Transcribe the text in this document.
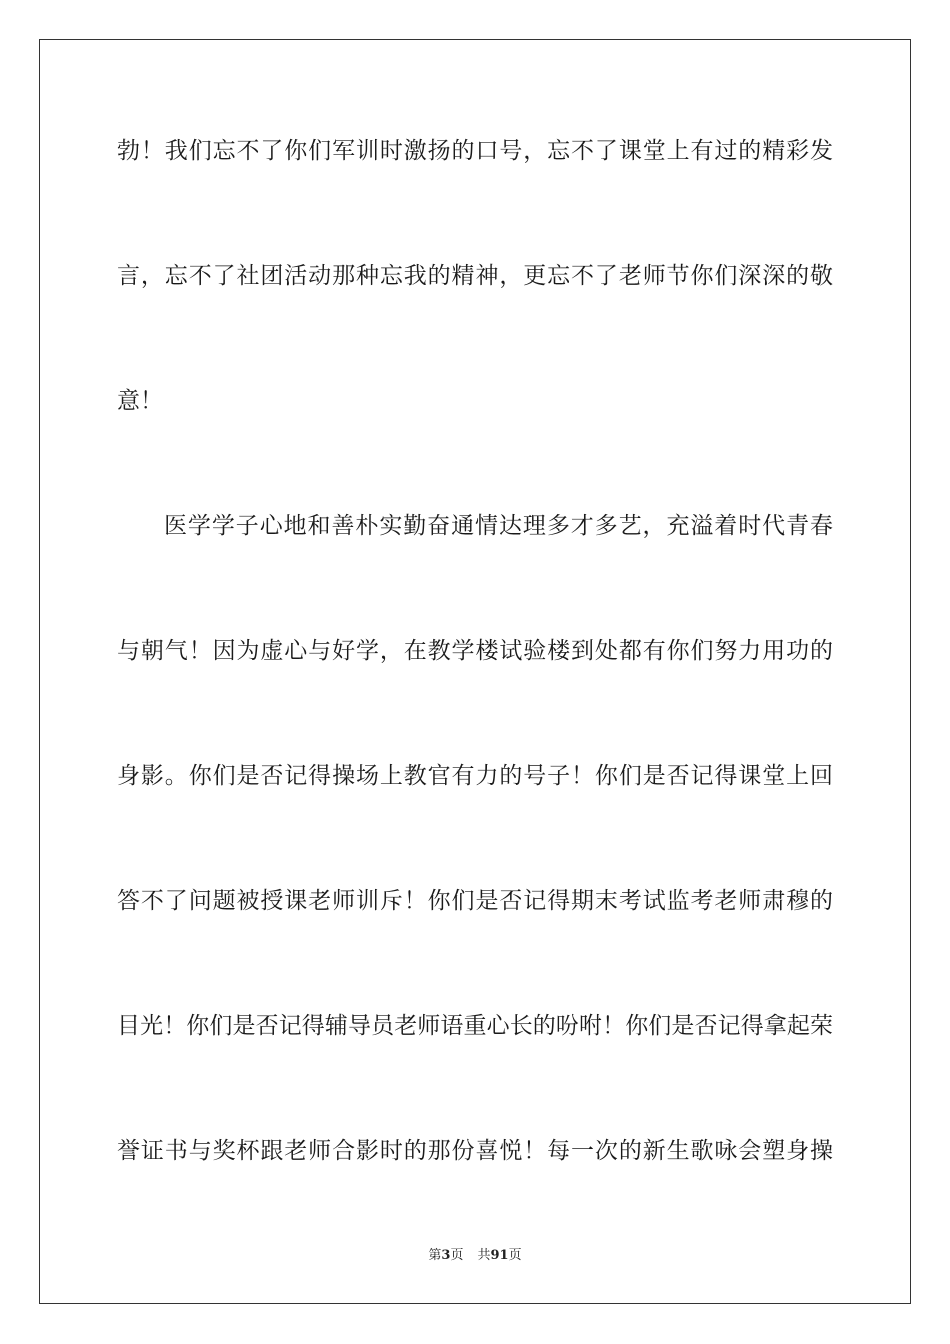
勃！我们忘不了你们军训时激扬的口号，忘不了课堂上有过的精彩发
言，忘不了社团活动那种忘我的精神，更忘不了老师节你们深深的敬
意！
医学学子心地和善朴实勤奋通情达理多才多艺，充溢着时代青春
与朝气！因为虚心与好学，在教学楼试验楼到处都有你们努力用功的
身影。你们是否记得操场上教官有力的号子！你们是否记得课堂上回
答不了问题被授课老师训斥！你们是否记得期末考试监考老师肃穆的
目光！你们是否记得辅导员老师语重心长的吩咐！你们是否记得拿起荣
誉证书与奖杯跟老师合影时的那份喜悦！每一次的新生歌咏会塑身操
第3页 共91页
